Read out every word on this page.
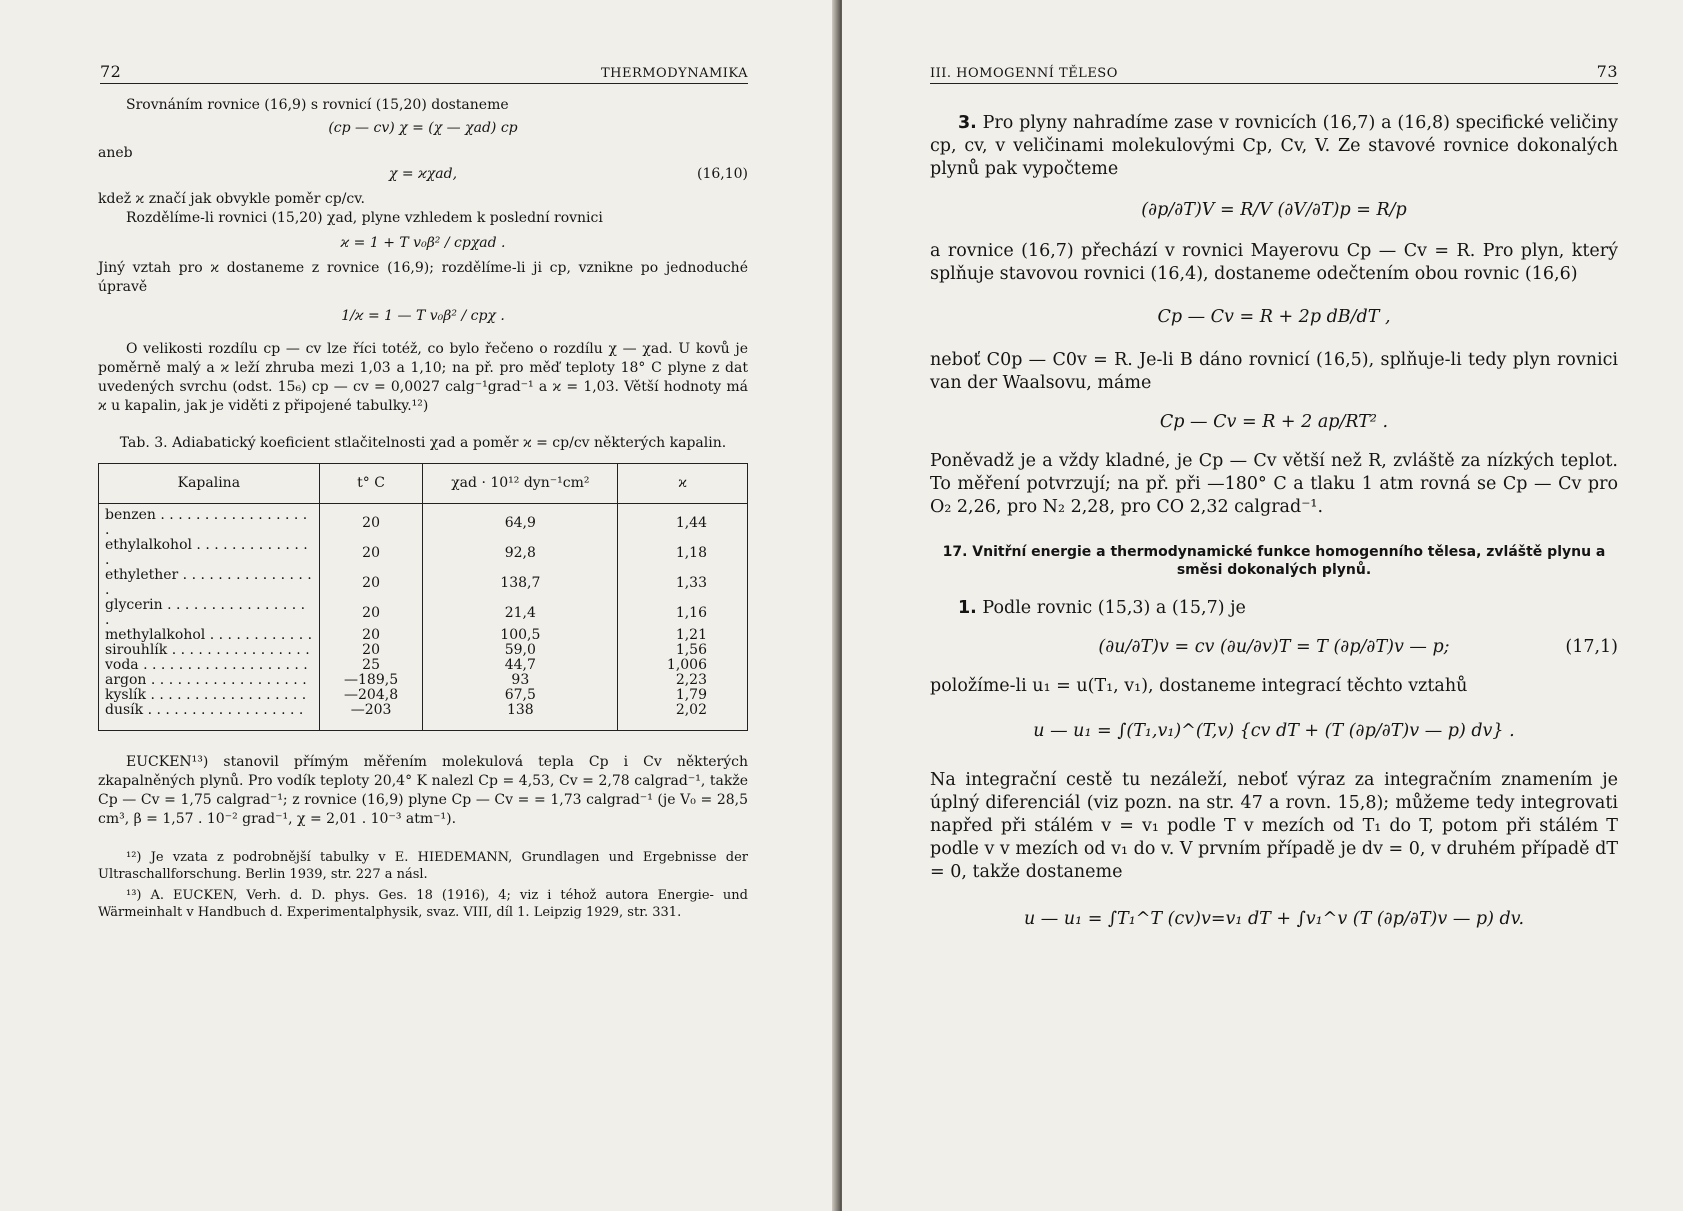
72	THERMODYNAMIKA

Srovnáním rovnice (16,9) s rovnicí (15,20) dostaneme

(cp — cv) χ = (χ — χad) cp

aneb

χ = ϰχad,	(16,10)

kdež ϰ značí jak obvykle poměr cp/cv.

Rozdělíme-li rovnici (15,20) χad, plyne vzhledem k poslední rovnici

ϰ = 1 + T v₀β² / cpχad .

Jiný vztah pro ϰ dostaneme z rovnice (16,9); rozdělíme-li ji cp, vznikne po jednoduché úpravě

1/ϰ = 1 — T v₀β² / cpχ .

O velikosti rozdílu cp — cv lze říci totéž, co bylo řečeno o rozdílu χ — χad. U kovů je poměrně malý a ϰ leží zhruba mezi 1,03 a 1,10; na př. pro měď teploty 18° C plyne z dat uvedených svrchu (odst. 15₆) cp — cv = 0,0027 calg⁻¹grad⁻¹ a ϰ = 1,03. Větší hodnoty má ϰ u kapalin, jak je viděti z připojené tabulky.¹²)

Tab. 3. Adiabatický koeficient stlačitelnosti χad a poměr ϰ = cp/cv některých kapalin.

Kapalina	t° C	χad · 10¹² dyn⁻¹cm²	ϰ
benzen . . . . . . . . . . . . . . . . . .	20	64,9	1,44
ethylalkohol . . . . . . . . . . . . . .	20	92,8	1,18
ethylether . . . . . . . . . . . . . . . .	20	138,7	1,33
glycerin . . . . . . . . . . . . . . . . .	20	21,4	1,16
methylalkohol . . . . . . . . . . . .	20	100,5	1,21
sirouhlík . . . . . . . . . . . . . . . .	20	59,0	1,56
voda . . . . . . . . . . . . . . . . . . .	25	44,7	1,006
argon . . . . . . . . . . . . . . . . . .	—189,5	93	2,23
kyslík . . . . . . . . . . . . . . . . . .	—204,8	67,5	1,79
dusík . . . . . . . . . . . . . . . . . .	—203	138	2,02

EUCKEN¹³) stanovil přímým měřením molekulová tepla Cp i Cv některých zkapalněných plynů. Pro vodík teploty 20,4° K nalezl Cp = 4,53, Cv = 2,78 calgrad⁻¹, takže Cp — Cv = 1,75 calgrad⁻¹; z rovnice (16,9) plyne Cp — Cv = = 1,73 calgrad⁻¹ (je V₀ = 28,5 cm³, β = 1,57 . 10⁻² grad⁻¹, χ = 2,01 . 10⁻³ atm⁻¹).

¹²) Je vzata z podrobnější tabulky v E. HIEDEMANN, Grundlagen und Ergebnisse der Ultraschallforschung. Berlin 1939, str. 227 a násl.

¹³) A. EUCKEN, Verh. d. D. phys. Ges. 18 (1916), 4; viz i téhož autora Energie- und Wärmeinhalt v Handbuch d. Experimentalphysik, svaz. VIII, díl 1. Leipzig 1929, str. 331.

III. HOMOGENNÍ TĚLESO	73

3. Pro plyny nahradíme zase v rovnicích (16,7) a (16,8) specifické veličiny cp, cv, v veličinami molekulovými Cp, Cv, V. Ze stavové rovnice dokonalých plynů pak vypočteme

(∂p/∂T)V = R/V (∂V/∂T)p = R/p

a rovnice (16,7) přechází v rovnici Mayerovu Cp — Cv = R. Pro plyn, který splňuje stavovou rovnici (16,4), dostaneme odečtením obou rovnic (16,6)

Cp — Cv = R + 2p dB/dT ,

neboť C0p — C0v = R. Je-li B dáno rovnicí (16,5), splňuje-li tedy plyn rovnici van der Waalsovu, máme

Cp — Cv = R + 2 ap/RT² .

Poněvadž je a vždy kladné, je Cp — Cv větší než R, zvláště za nízkých teplot. To měření potvrzují; na př. při —180° C a tlaku 1 atm rovná se Cp — Cv pro O₂ 2,26, pro N₂ 2,28, pro CO 2,32 calgrad⁻¹.

17. Vnitřní energie a thermodynamické funkce homogenního tělesa, zvláště plynu a směsi dokonalých plynů.

1. Podle rovnic (15,3) a (15,7) je

(∂u/∂T)v = cv (∂u/∂v)T = T (∂p/∂T)v — p;	(17,1)

položíme-li u₁ = u(T₁, v₁), dostaneme integrací těchto vztahů

u — u₁ = ∫(T₁,v₁)^(T,v) {cv dT + (T (∂p/∂T)v — p) dv} .

Na integrační cestě tu nezáleží, neboť výraz za integračním znamením je úplný diferenciál (viz pozn. na str. 47 a rovn. 15,8); můžeme tedy integrovati napřed při stálém v = v₁ podle T v mezích od T₁ do T, potom při stálém T podle v v mezích od v₁ do v. V prvním případě je dv = 0, v druhém případě dT = 0, takže dostaneme

u — u₁ = ∫T₁^T (cv)v=v₁ dT + ∫v₁^v (T (∂p/∂T)v — p) dv.
